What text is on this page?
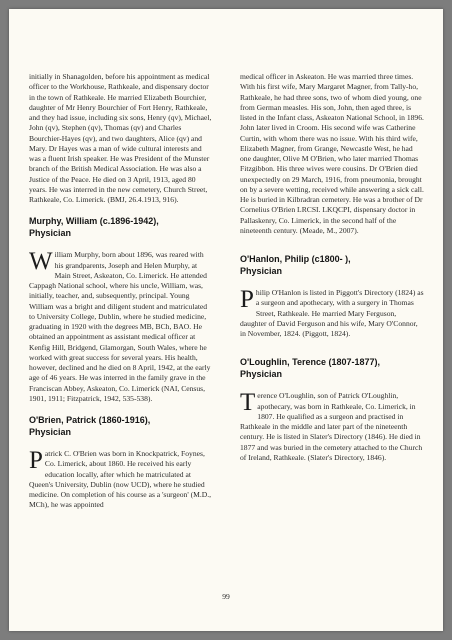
initially in Shanagolden, before his appointment as medical officer to the Workhouse, Rathkeale, and dispensary doctor in the town of Rathkeale. He married Elizabeth Bourchier, daughter of Mr Henry Bourchier of Fort Henry, Rathkeale, and they had issue, including six sons, Henry (qv), Michael, John (qv), Stephen (qv), Thomas (qv) and Charles Bourchier-Hayes (qv), and two daughters, Alice (qv) and Mary. Dr Hayes was a man of wide cultural interests and was a fluent Irish speaker. He was President of the Munster branch of the British Medical Association. He was also a Justice of the Peace. He died on 3 April, 1913, aged 80 years. He was interred in the new cemetery, Church Street, Rathkeale, Co. Limerick. (BMJ, 26.4.1913, 916).

Murphy, William (c.1896-1942),
Physician

William Murphy, born about 1896, was reared with his grandparents, Joseph and Helen Murphy, at Main Street, Askeaton, Co. Limerick. He attended Cappagh National school, where his uncle, William, was, initially, teacher, and, subsequently, principal. Young William was a bright and diligent student and matriculated to University College, Dublin, where he studied medicine, graduating in 1920 with the degrees MB, BCh, BAO. He obtained an appointment as assistant medical officer at Kenfig Hill, Bridgend, Glamorgan, South Wales, where he worked with great success for several years. His health, however, declined and he died on 8 April, 1942, at the early age of 46 years. He was interred in the family grave in the Franciscan Abbey, Askeaton, Co. Limerick (NAI, Census, 1901, 1911; Fitzpatrick, 1942, 535-538).

O'Brien, Patrick (1860-1916),
Physician

Patrick C. O'Brien was born in Knockpatrick, Foynes, Co. Limerick, about 1860. He received his early education locally, after which he matriculated at Queen's University, Dublin (now UCD), where he studied medicine. On completion of his course as a 'surgeon' (M.D., MCh), he was appointed

medical officer in Askeaton. He was married three times. With his first wife, Mary Margaret Magner, from Tally-ho, Rathkeale, he had three sons, two of whom died young, one from German measles. His son, John, then aged three, is listed in the Infant class, Askeaton National School, in 1896. John later lived in Croom. His second wife was Catherine Curtin, with whom there was no issue. With his third wife, Elizabeth Magner, from Grange, Newcastle West, he had one daughter, Olive M O'Brien, who later married Thomas Fitzgibbon. His three wives were cousins. Dr O'Brien died unexpectedly on 29 March, 1916, from pneumonia, brought on by a severe wetting, received while answering a sick call. He is buried in Kilbradran cemetery. He was a brother of Dr Cornelius O'Brien LRCSI. LKQCPI, dispensary doctor in Pallaskenry, Co. Limerick, in the second half of the nineteenth century. (Meade, M., 2007).

O'Hanlon, Philip (c1800- ),
Physician

Philip O'Hanlon is listed in Piggott's Directory (1824) as a surgeon and apothecary, with a surgery in Thomas Street, Rathkeale. He married Mary Ferguson, daughter of David Ferguson and his wife, Mary O'Connor, in November, 1824. (Piggott, 1824).

O'Loughlin, Terence (1807-1877),
Physician

Terence O'Loughlin, son of Patrick O'Loughlin, apothecary, was born in Rathkeale, Co. Limerick, in 1807. He qualified as a surgeon and practised in Rathkeale in the middle and later part of the nineteenth century. He is listed in Slater's Directory (1846). He died in 1877 and was buried in the cemetery attached to the Church of Ireland, Rathkeale. (Slater's Directory, 1846).

99
